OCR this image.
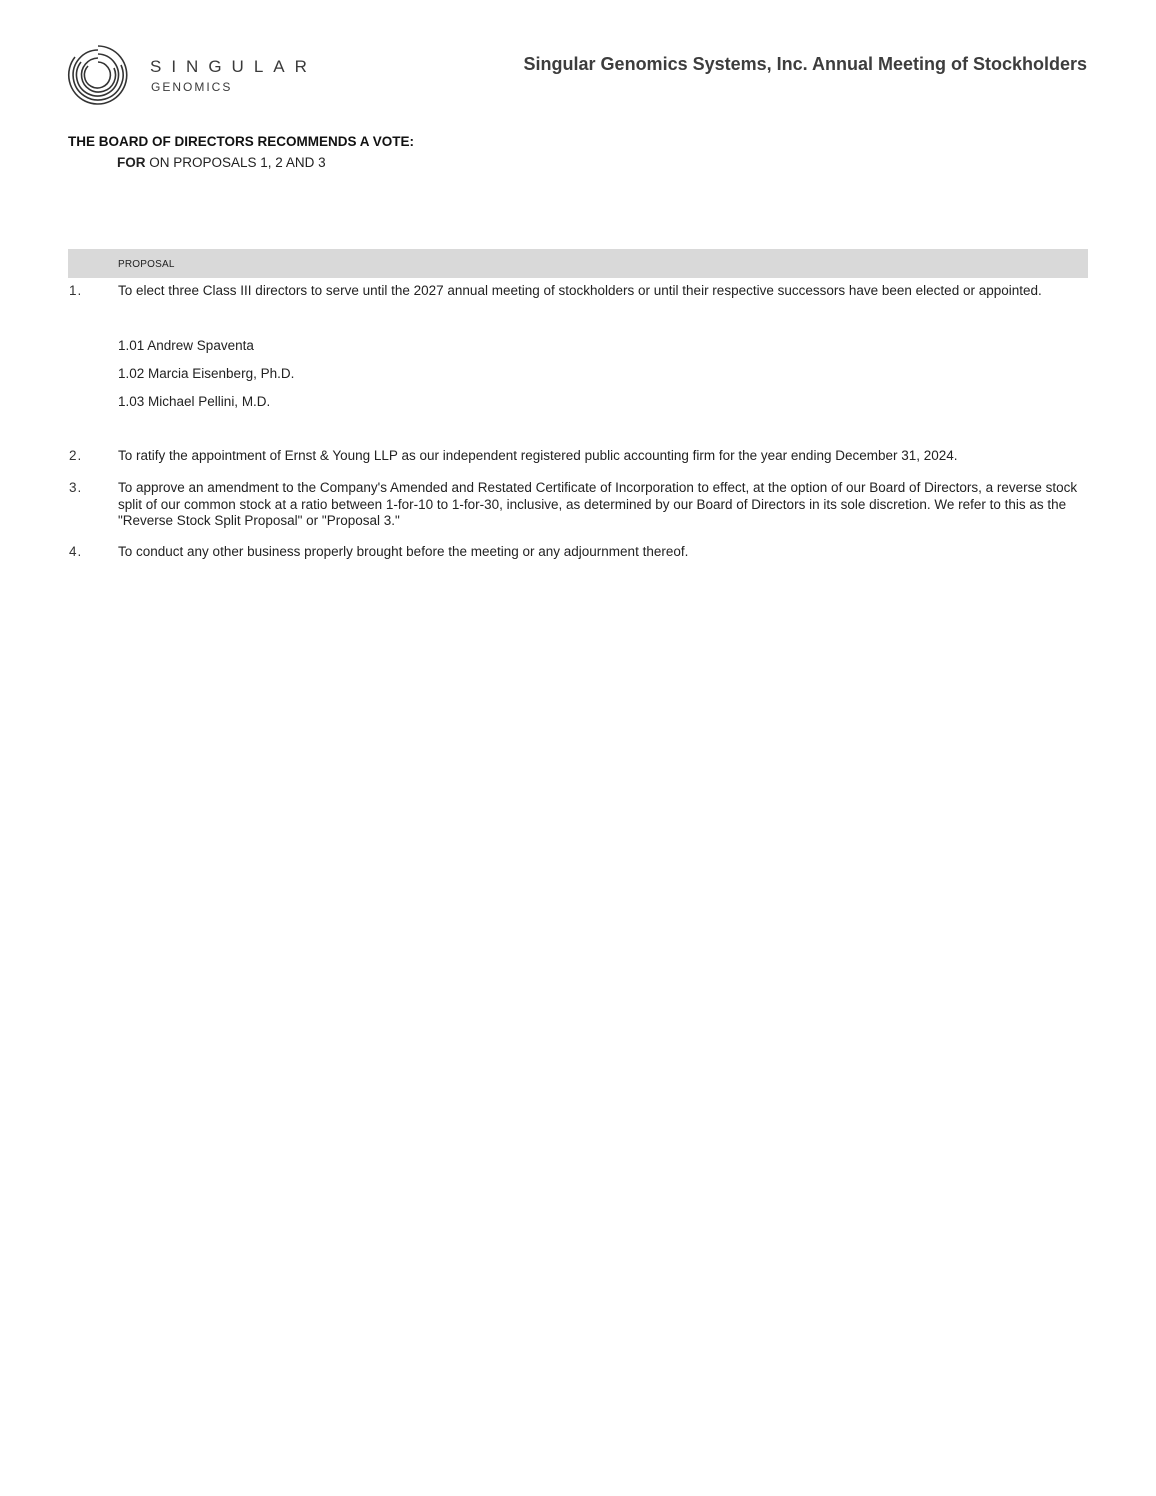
SINGULAR
GENOMICS
Singular Genomics Systems, Inc. Annual Meeting of Stockholders
THE BOARD OF DIRECTORS RECOMMENDS A VOTE:
FOR ON PROPOSALS 1, 2 AND 3
PROPOSAL
1.	To elect three Class III directors to serve until the 2027 annual meeting of stockholders or until their respective successors have been elected or appointed.
1.01 Andrew Spaventa
1.02 Marcia Eisenberg, Ph.D.
1.03 Michael Pellini, M.D.
2.	To ratify the appointment of Ernst & Young LLP as our independent registered public accounting firm for the year ending December 31, 2024.
3.	To approve an amendment to the Company's Amended and Restated Certificate of Incorporation to effect, at the option of our Board of Directors, a reverse stock split of our common stock at a ratio between 1-for-10 to 1-for-30, inclusive, as determined by our Board of Directors in its sole discretion. We refer to this as the "Reverse Stock Split Proposal" or "Proposal 3."
4.	To conduct any other business properly brought before the meeting or any adjournment thereof.
